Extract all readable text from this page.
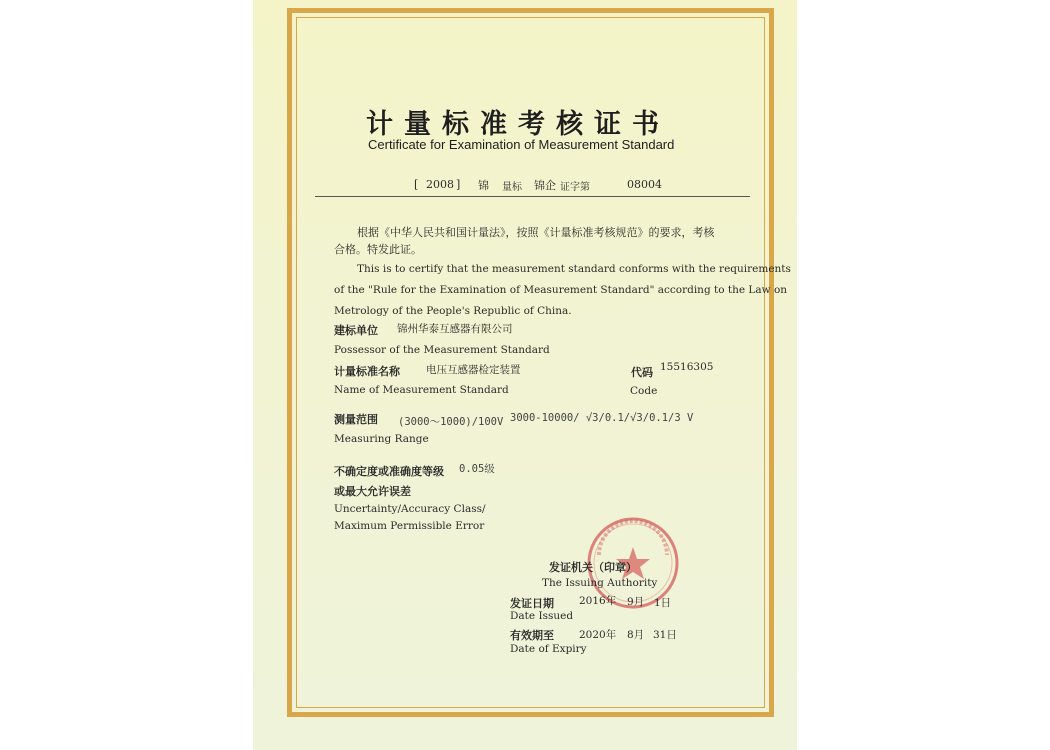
计量标准考核证书
Certificate for Examination of Measurement Standard
[ 2008 ] 锦 量标 锦企 证字第	08004
根据《中华人民共和国计量法》，按照《计量标准考核规范》的要求，考核
合格。特发此证。
This is to certify that the measurement standard conforms with the requirements
of the "Rule for the Examination of Measurement Standard" according to the Law on
Metrology of the People's Republic of China.
建标单位 锦州华泰互感器有限公司
Possessor of the Measurement Standard
计量标准名称 电压互感器检定装置
Name of Measurement Standard
代码 15516305
Code
测量范围 (3000～1000)/100V 3000-10000/ √3/0.1/√3/0.1/3 V
Measuring Range
不确定度或准确度等级 0.05级
或最大允许误差
Uncertainty/Accuracy Class/
Maximum Permissible Error
发证机关（印章）
The Issuing Authority
发证日期 2016年 9月 1日
Date Issued
有效期至 2020年 8月 31日
Date of Expiry
